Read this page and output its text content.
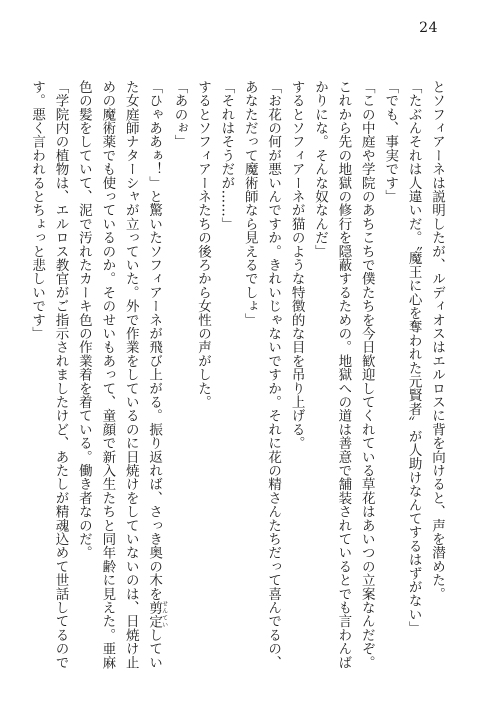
24

とソフィアーネは説明したが、ルディオスはエルロスに背を向けると、声を潜めた。

「たぶんそれは人違いだ。〝魔王に心を奪われた元賢者〟が人助けなんてするはずがない」

「でも、事実です」

「この中庭や学院のあちこちで僕たちを今日歓迎してくれている草花はあいつの立案なんだぞ。これから先の地獄の修行を隠蔽するための。地獄への道は善意で舗装されているとでも言わんばかりにな。そんな奴なんだ」

するとソフィアーネが猫のような特徴的な目を吊り上げる。

「お花の何が悪いんですか。きれいじゃないですか。それに花の精さんたちだって喜んでるの、あなただって魔術師なら見えるでしょ」

「それはそうだが……」

するとソフィアーネたちの後ろから女性の声がした。

「あのぉ」

「ひゃああぁ！」と驚いたソフィアーネが飛び上がる。振り返れば、さっき奥の木を剪定せんていしていた女庭師ナターシャが立っていた。外で作業をしているのに日焼けをしていないのは、日焼け止めの魔術薬でも使っているのか。そのせいもあって、童顔で新入生たちと同年齢に見えた。亜麻色の髪をしていて、泥で汚れたカーキ色の作業着を着ている。働き者なのだ。

「学院内の植物は、エルロス教官がご指示されましたけど、あたしが精魂込めて世話してるのです。悪く言われるとちょっと悲しいです」
